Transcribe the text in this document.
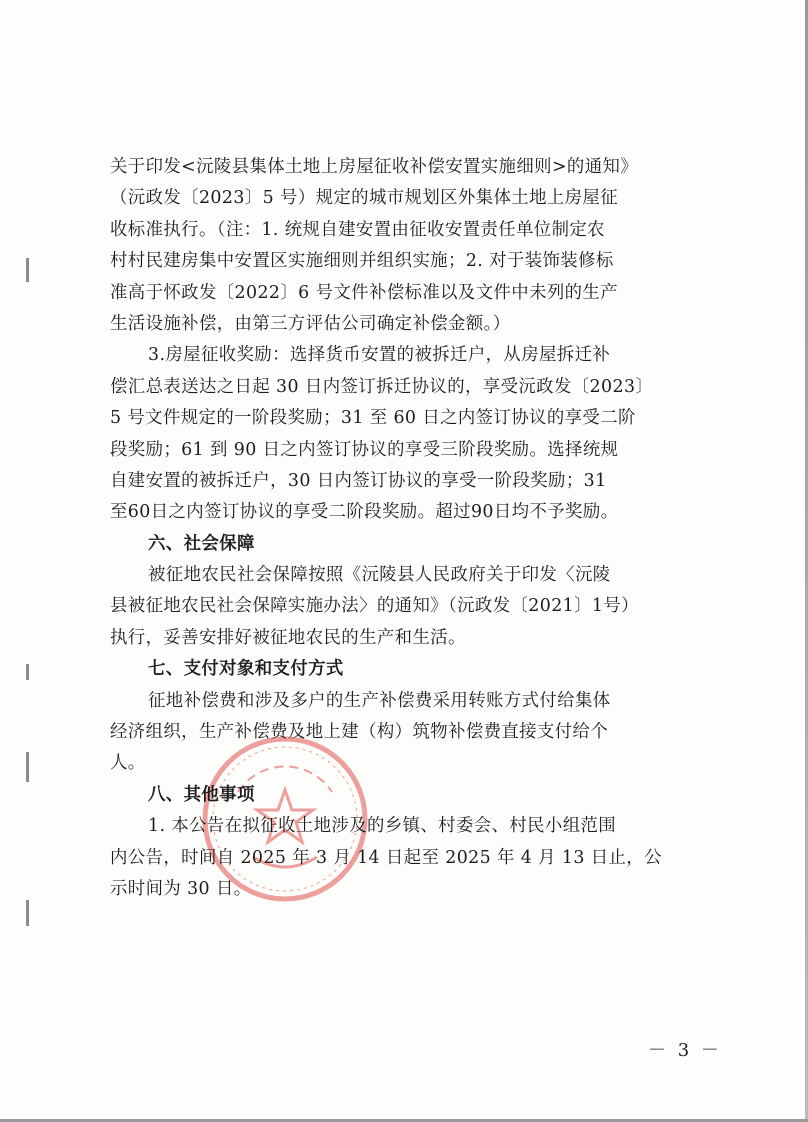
关于印发<沅陵县集体土地上房屋征收补偿安置实施细则>的通知》
（沅政发〔2023〕5 号）规定的城市规划区外集体土地上房屋征
收标准执行。（注：1. 统规自建安置由征收安置责任单位制定农
村村民建房集中安置区实施细则并组织实施；2. 对于装饰装修标
准高于怀政发〔2022〕6 号文件补偿标准以及文件中未列的生产
生活设施补偿，由第三方评估公司确定补偿金额。）
3.房屋征收奖励：选择货币安置的被拆迁户，从房屋拆迁补
偿汇总表送达之日起 30 日内签订拆迁协议的，享受沅政发〔2023〕
5 号文件规定的一阶段奖励；31 至 60 日之内签订协议的享受二阶
段奖励；61 到 90 日之内签订协议的享受三阶段奖励。选择统规
自建安置的被拆迁户，30 日内签订协议的享受一阶段奖励；31
至60日之内签订协议的享受二阶段奖励。超过90日均不予奖励。
六、社会保障
被征地农民社会保障按照《沅陵县人民政府关于印发〈沅陵
县被征地农民社会保障实施办法〉的通知》（沅政发〔2021〕1号）
执行，妥善安排好被征地农民的生产和生活。
七、支付对象和支付方式
征地补偿费和涉及多户的生产补偿费采用转账方式付给集体
经济组织，生产补偿费及地上建（构）筑物补偿费直接支付给个
人。
八、其他事项
1. 本公告在拟征收土地涉及的乡镇、村委会、村民小组范围
内公告，时间自 2025 年 3 月 14 日起至 2025 年 4 月 13 日止，公
示时间为 30 日。
－ 3 －
